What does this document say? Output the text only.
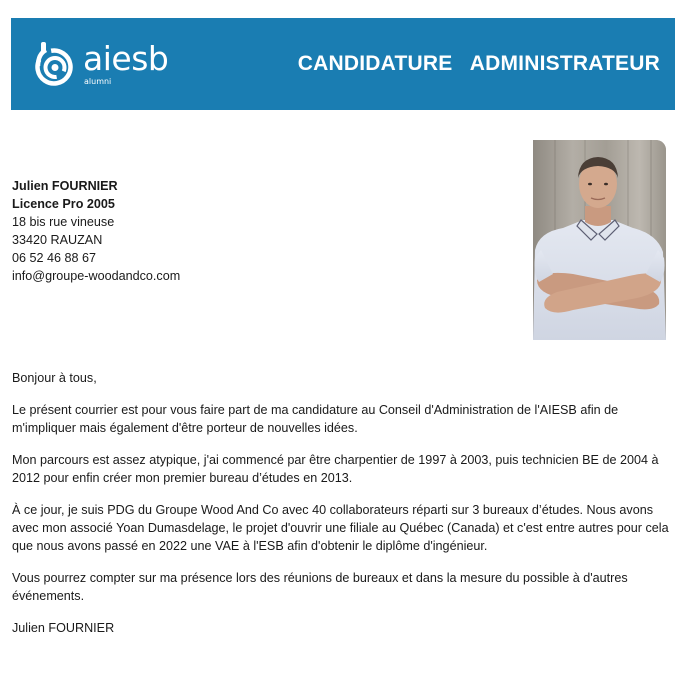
aiesb
alumni
CANDIDATURE   ADMINISTRATEUR
Julien FOURNIER
Licence Pro 2005
18 bis rue vineuse
33420 RAUZAN
06 52 46 88 67
info@groupe-woodandco.com

Bonjour à tous,

Le présent courrier est pour vous faire part de ma candidature au Conseil d'Administration de l'AIESB afin de m'impliquer mais également d'être porteur de nouvelles idées.

Mon parcours est assez atypique, j'ai commencé par être charpentier de 1997 à 2003, puis technicien BE de 2004 à 2012 pour enfin créer mon premier bureau d’études en 2013.

À ce jour, je suis PDG du Groupe Wood And Co avec 40 collaborateurs réparti sur 3 bureaux d’études. Nous avons avec mon associé Yoan Dumasdelage, le projet d'ouvrir une filiale au Québec (Canada) et c'est entre autres pour cela que nous avons passé en 2022 une VAE à l'ESB afin d'obtenir le diplôme d'ingénieur.

Vous pourrez compter sur ma présence lors des réunions de bureaux et dans la mesure du possible à d'autres événements.

Julien FOURNIER
